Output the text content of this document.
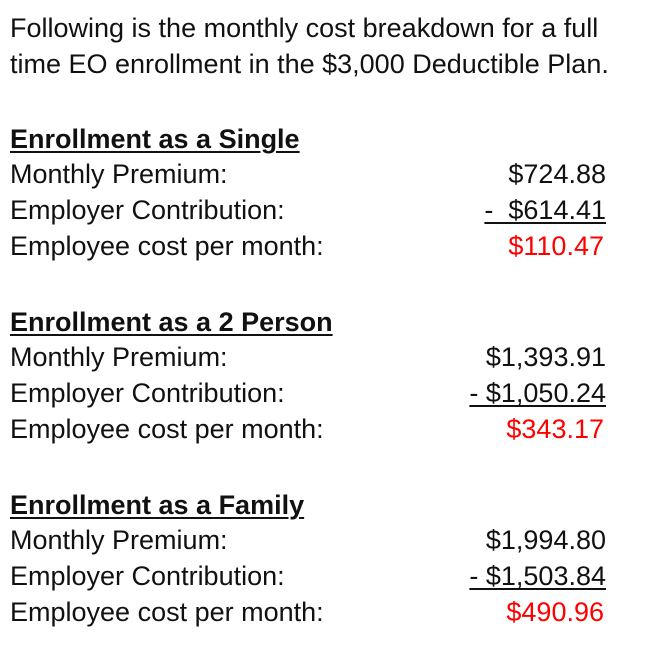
Following is the monthly cost breakdown for a full time EO enrollment in the $3,000 Deductible Plan.

Enrollment as a Single
Monthly Premium:	$724.88
Employer Contribution:	-  $614.41
Employee cost per month:	$110.47
Enrollment as a 2 Person
Monthly Premium:	$1,393.91
Employer Contribution:	- $1,050.24
Employee cost per month:	$343.17
Enrollment as a Family
Monthly Premium:	$1,994.80
Employer Contribution:	- $1,503.84
Employee cost per month:	$490.96
